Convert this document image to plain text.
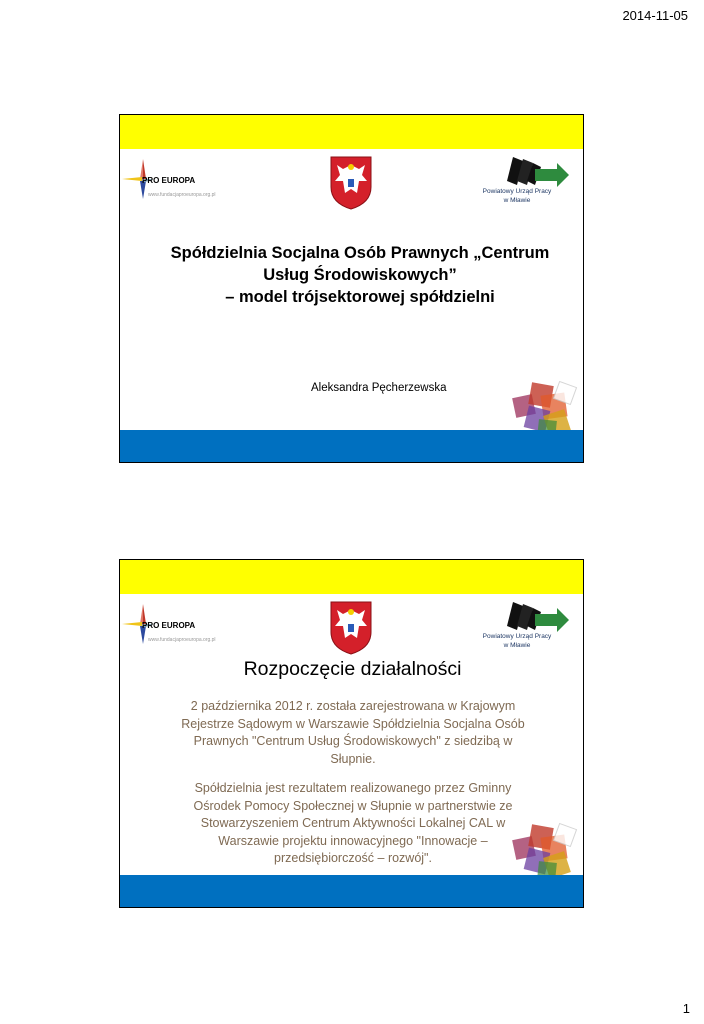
2014-11-05
PRO EUROPA
www.fundacjaproeuropa.org.pl	Powiatowy Urząd Pracy
w Mławie
Spółdzielnia Socjalna Osób Prawnych „Centrum
Usług Środowiskowych”
– model trójsektorowej spółdzielni
Aleksandra Pęcherzewska
PRO EUROPA
www.fundacjaproeuropa.org.pl	Powiatowy Urząd Pracy
w Mławie
Rozpoczęcie działalności

2 października 2012 r. została zarejestrowana w Krajowym
Rejestrze Sądowym w Warszawie Spółdzielnia Socjalna Osób
Prawnych "Centrum Usług Środowiskowych" z siedzibą w
Słupnie.

Spółdzielnia jest rezultatem realizowanego przez Gminny
Ośrodek Pomocy Społecznej w Słupnie w partnerstwie ze
Stowarzyszeniem Centrum Aktywności Lokalnej CAL w
Warszawie projektu innowacyjnego "Innowacje –
przedsiębiorczość – rozwój".

1
